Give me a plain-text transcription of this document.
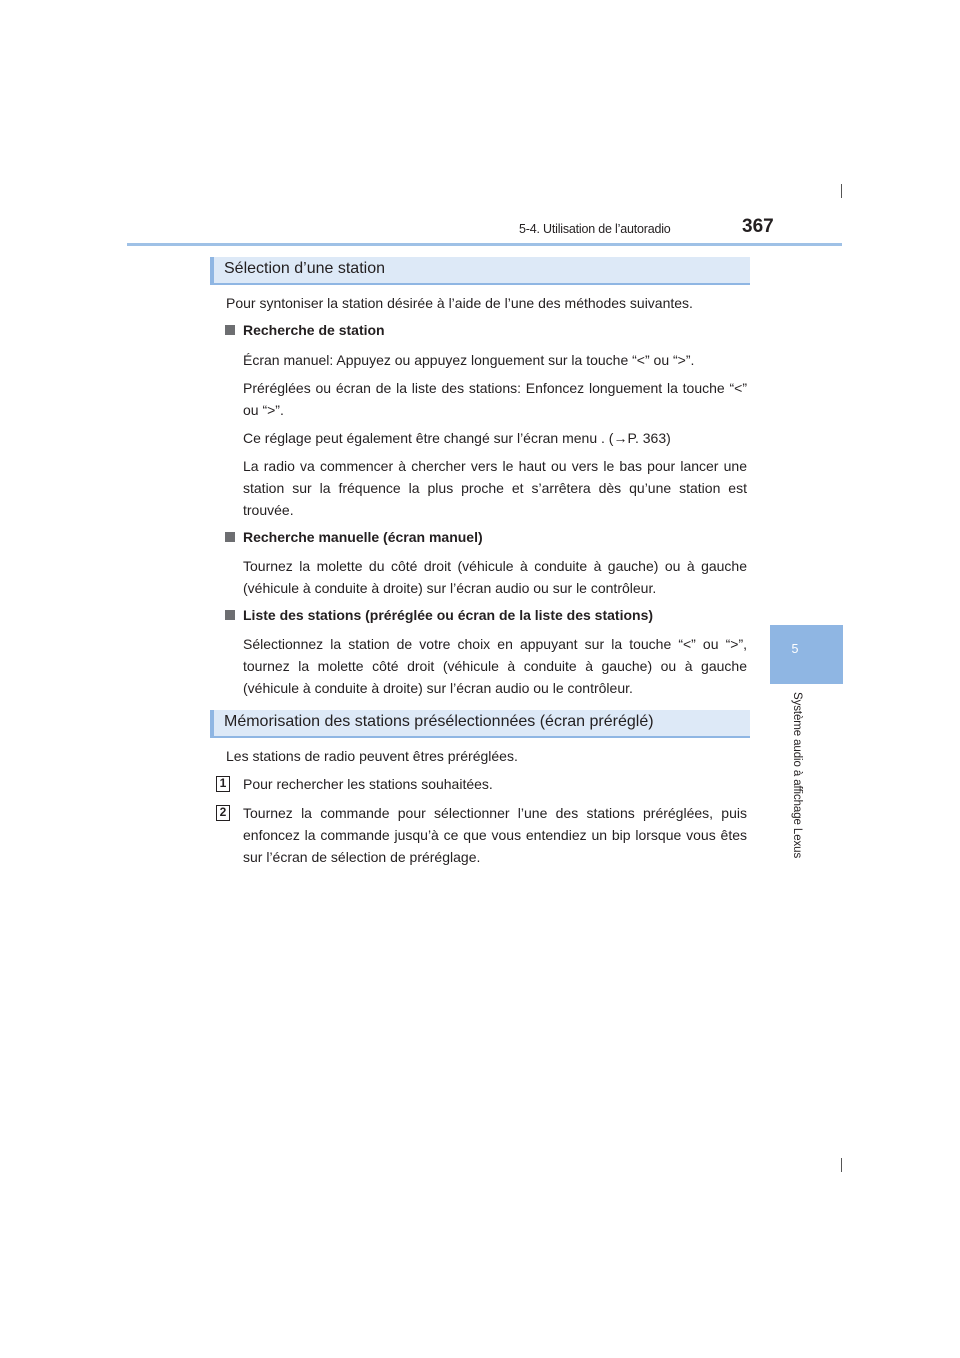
5-4. Utilisation de l’autoradio	367
5
Système audio à affichage Lexus
Sélection d’une station

Pour syntoniser la station désirée à l’aide de l’une des méthodes suivantes.

Recherche de station

Écran manuel: Appuyez ou appuyez longuement sur la touche “<” ou “>”.

Préréglées ou écran de la liste des stations: Enfoncez longuement la touche “<” ou “>”.

Ce réglage peut également être changé sur l’écran menu . (→P. 363)

La radio va commencer à chercher vers le haut ou vers le bas pour lancer une station sur la fréquence la plus proche et s’arrêtera dès qu’une station est trouvée.

Recherche manuelle (écran manuel)

Tournez la molette du côté droit (véhicule à conduite à gauche) ou à gauche (véhicule à conduite à droite) sur l’écran audio ou sur le contrôleur.

Liste des stations (préréglée ou écran de la liste des stations)

Sélectionnez la station de votre choix en appuyant sur la touche “<” ou “>”, tournez la molette côté droit (véhicule à conduite à gauche) ou à gauche (véhicule à conduite à droite) sur l’écran audio ou le contrôleur.

Mémorisation des stations présélectionnées (écran préréglé)

Les stations de radio peuvent êtres préréglées.

1 Pour rechercher les stations souhaitées.

2 Tournez la commande pour sélectionner l’une des stations préréglées, puis enfoncez la commande jusqu’à ce que vous entendiez un bip lorsque vous êtes sur l’écran de sélection de préréglage.
